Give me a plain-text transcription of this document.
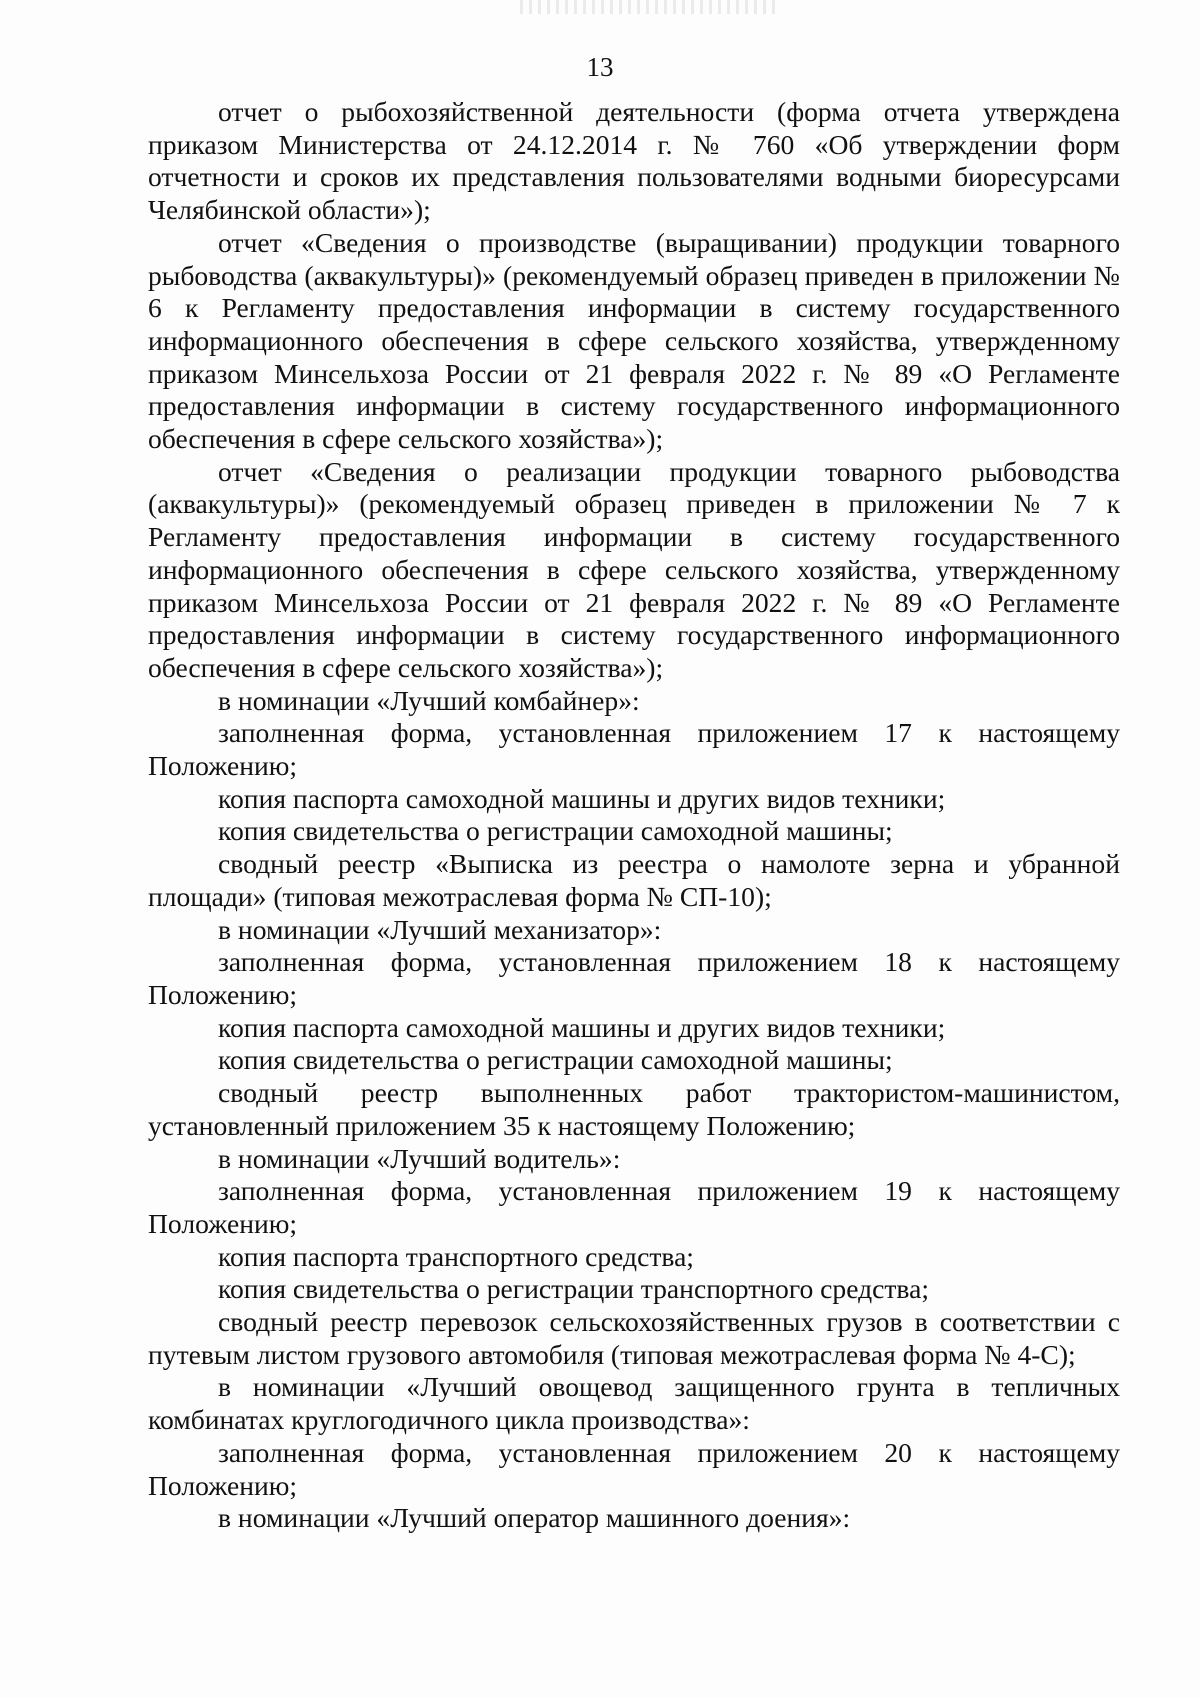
13

отчет о рыбохозяйственной деятельности (форма отчета утверждена приказом Министерства от 24.12.2014 г. № 760 «Об утверждении форм отчетности и сроков их представления пользователями водными биоресурсами Челябинской области»);

отчет «Сведения о производстве (выращивании) продукции товарного рыбоводства (аквакультуры)» (рекомендуемый образец приведен в приложении № 6 к Регламенту предоставления информации в систему государственного информационного обеспечения в сфере сельского хозяйства, утвержденному приказом Минсельхоза России от 21 февраля 2022 г. № 89 «О Регламенте предоставления информации в систему государственного информационного обеспечения в сфере сельского хозяйства»);

отчет «Сведения о реализации продукции товарного рыбоводства (аквакультуры)» (рекомендуемый образец приведен в приложении № 7 к Регламенту предоставления информации в систему государственного информационного обеспечения в сфере сельского хозяйства, утвержденному приказом Минсельхоза России от 21 февраля 2022 г. № 89 «О Регламенте предоставления информации в систему государственного информационного обеспечения в сфере сельского хозяйства»);

в номинации «Лучший комбайнер»:

заполненная форма, установленная приложением 17 к настоящему Положению;

копия паспорта самоходной машины и других видов техники;

копия свидетельства о регистрации самоходной машины;

сводный реестр «Выписка из реестра о намолоте зерна и убранной площади» (типовая межотраслевая форма № СП-10);

в номинации «Лучший механизатор»:

заполненная форма, установленная приложением 18 к настоящему Положению;

копия паспорта самоходной машины и других видов техники;

копия свидетельства о регистрации самоходной машины;

сводный реестр выполненных работ трактористом-машинистом, установленный приложением 35 к настоящему Положению;

в номинации «Лучший водитель»:

заполненная форма, установленная приложением 19 к настоящему Положению;

копия паспорта транспортного средства;

копия свидетельства о регистрации транспортного средства;

сводный реестр перевозок сельскохозяйственных грузов в соответствии с путевым листом грузового автомобиля (типовая межотраслевая форма № 4-С);

в номинации «Лучший овощевод защищенного грунта в тепличных комбинатах круглогодичного цикла производства»:

заполненная форма, установленная приложением 20 к настоящему Положению;

в номинации «Лучший оператор машинного доения»:
